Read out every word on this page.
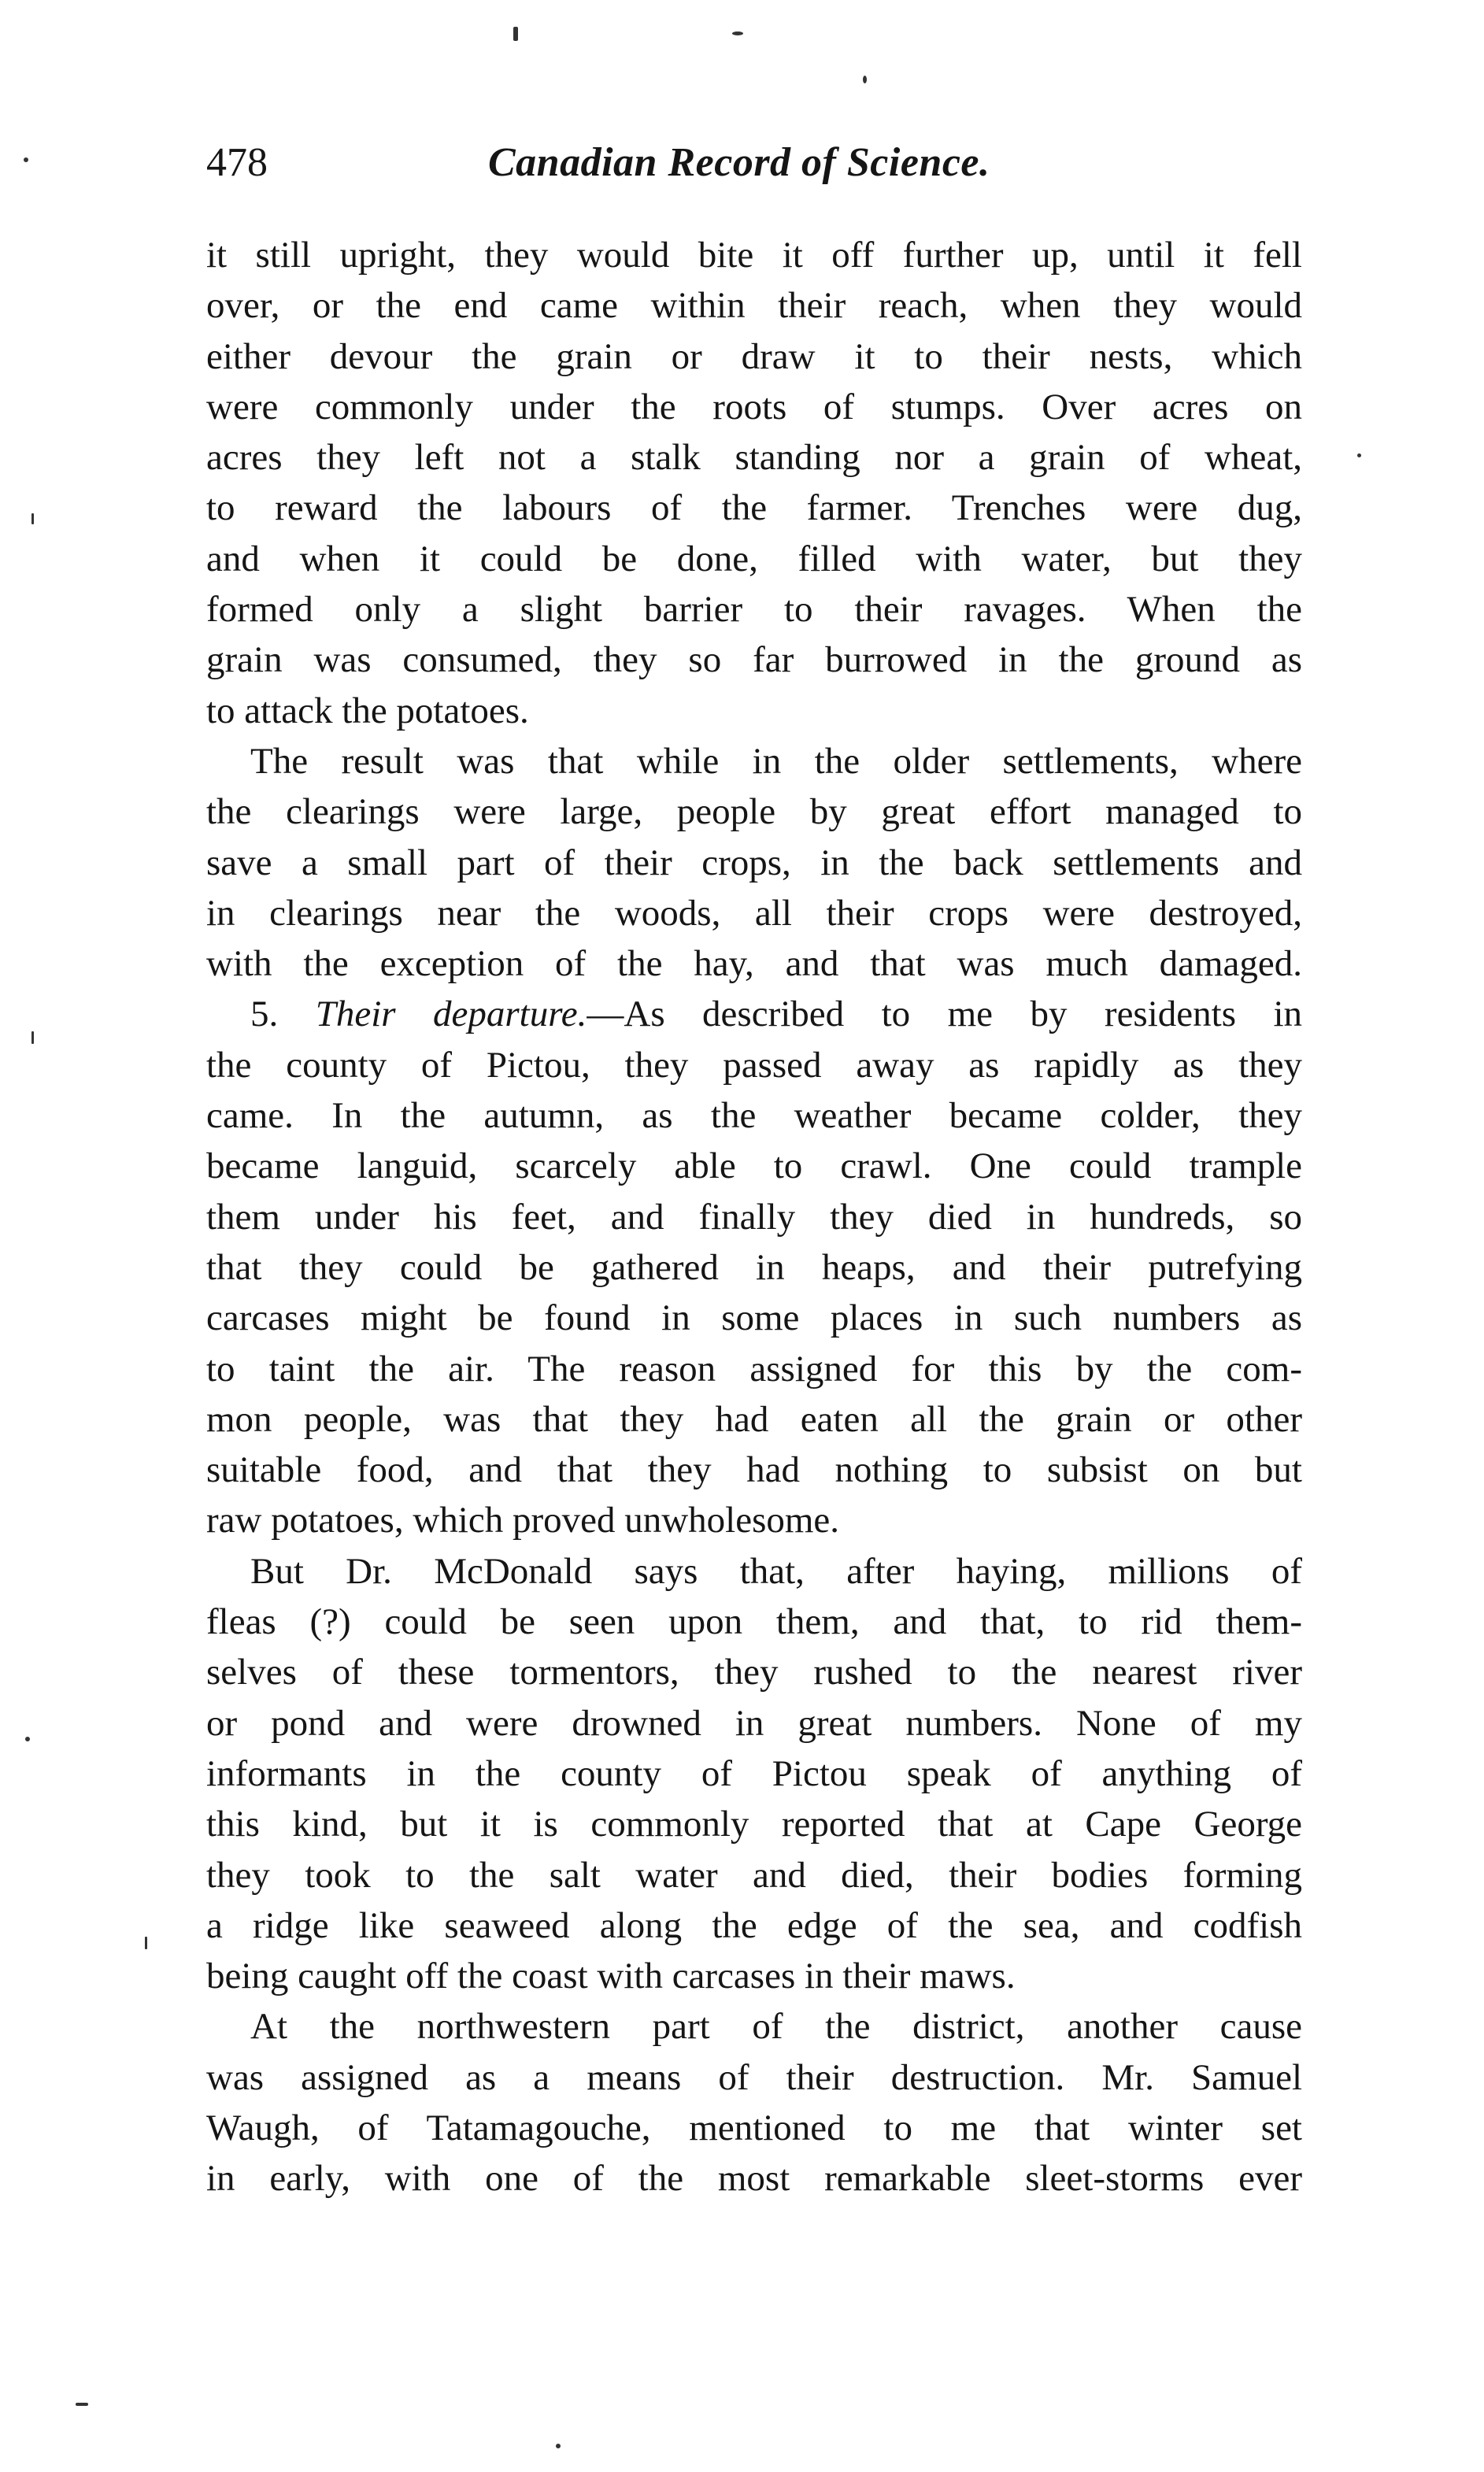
478	Canadian Record of Science.
it still upright, they would bite it off further up, until it fell
over, or the end came within their reach, when they would
either devour the grain or draw it to their nests, which
were commonly under the roots of stumps. Over acres on
acres they left not a stalk standing nor a grain of wheat,
to reward the labours of the farmer. Trenches were dug,
and when it could be done, filled with water, but they
formed only a slight barrier to their ravages. When the
grain was consumed, they so far burrowed in the ground as
to attack the potatoes.
The result was that while in the older settlements, where
the clearings were large, people by great effort managed to
save a small part of their crops, in the back settlements and
in clearings near the woods, all their crops were destroyed,
with the exception of the hay, and that was much damaged.
5. Their departure.—As described to me by residents in
the county of Pictou, they passed away as rapidly as they
came. In the autumn, as the weather became colder, they
became languid, scarcely able to crawl. One could trample
them under his feet, and finally they died in hundreds, so
that they could be gathered in heaps, and their putrefying
carcases might be found in some places in such numbers as
to taint the air. The reason assigned for this by the com-
mon people, was that they had eaten all the grain or other
suitable food, and that they had nothing to subsist on but
raw potatoes, which proved unwholesome.
But Dr. McDonald says that, after haying, millions of
fleas (?) could be seen upon them, and that, to rid them-
selves of these tormentors, they rushed to the nearest river
or pond and were drowned in great numbers. None of my
informants in the county of Pictou speak of anything of
this kind, but it is commonly reported that at Cape George
they took to the salt water and died, their bodies forming
a ridge like seaweed along the edge of the sea, and codfish
being caught off the coast with carcases in their maws.
At the northwestern part of the district, another cause
was assigned as a means of their destruction. Mr. Samuel
Waugh, of Tatamagouche, mentioned to me that winter set
in early, with one of the most remarkable sleet-storms ever
